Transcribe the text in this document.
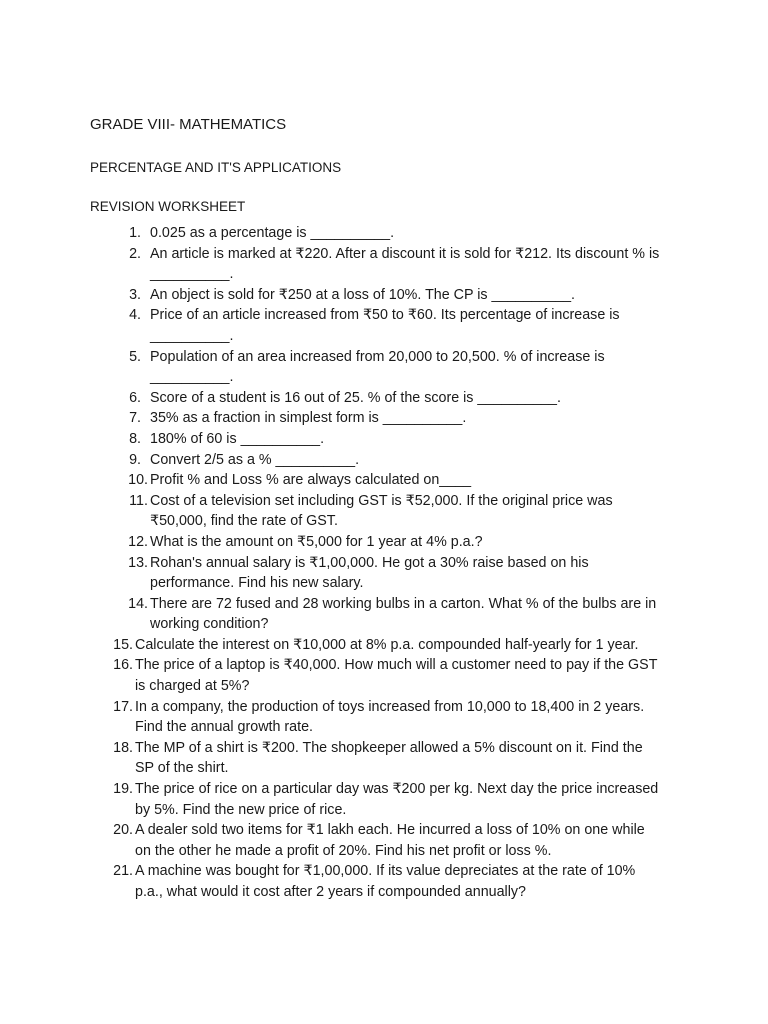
GRADE VIII- MATHEMATICS
PERCENTAGE AND IT'S APPLICATIONS
REVISION WORKSHEET
1. 0.025 as a percentage is __________.
2. An article is marked at ₹220. After a discount it is sold for ₹212. Its discount % is __________.
3. An object is sold for ₹250 at a loss of 10%. The CP is __________.
4. Price of an article increased from ₹50 to ₹60. Its percentage of increase is __________.
5. Population of an area increased from 20,000 to 20,500. % of increase is __________.
6. Score of a student is 16 out of 25. % of the score is __________.
7. 35% as a fraction in simplest form is __________.
8. 180% of 60 is __________.
9. Convert 2/5 as a % __________.
10. Profit % and Loss % are always calculated on____
11. Cost of a television set including GST is ₹52,000. If the original price was ₹50,000, find the rate of GST.
12. What is the amount on ₹5,000 for 1 year at 4% p.a.?
13. Rohan's annual salary is ₹1,00,000. He got a 30% raise based on his performance. Find his new salary.
14. There are 72 fused and 28 working bulbs in a carton. What % of the bulbs are in working condition?
15. Calculate the interest on ₹10,000 at 8% p.a. compounded half-yearly for 1 year.
16. The price of a laptop is ₹40,000. How much will a customer need to pay if the GST is charged at 5%?
17. In a company, the production of toys increased from 10,000 to 18,400 in 2 years. Find the annual growth rate.
18. The MP of a shirt is ₹200. The shopkeeper allowed a 5% discount on it. Find the SP of the shirt.
19. The price of rice on a particular day was ₹200 per kg. Next day the price increased by 5%. Find the new price of rice.
20. A dealer sold two items for ₹1 lakh each. He incurred a loss of 10% on one while on the other he made a profit of 20%. Find his net profit or loss %.
21. A machine was bought for ₹1,00,000. If its value depreciates at the rate of 10% p.a., what would it cost after 2 years if compounded annually?
